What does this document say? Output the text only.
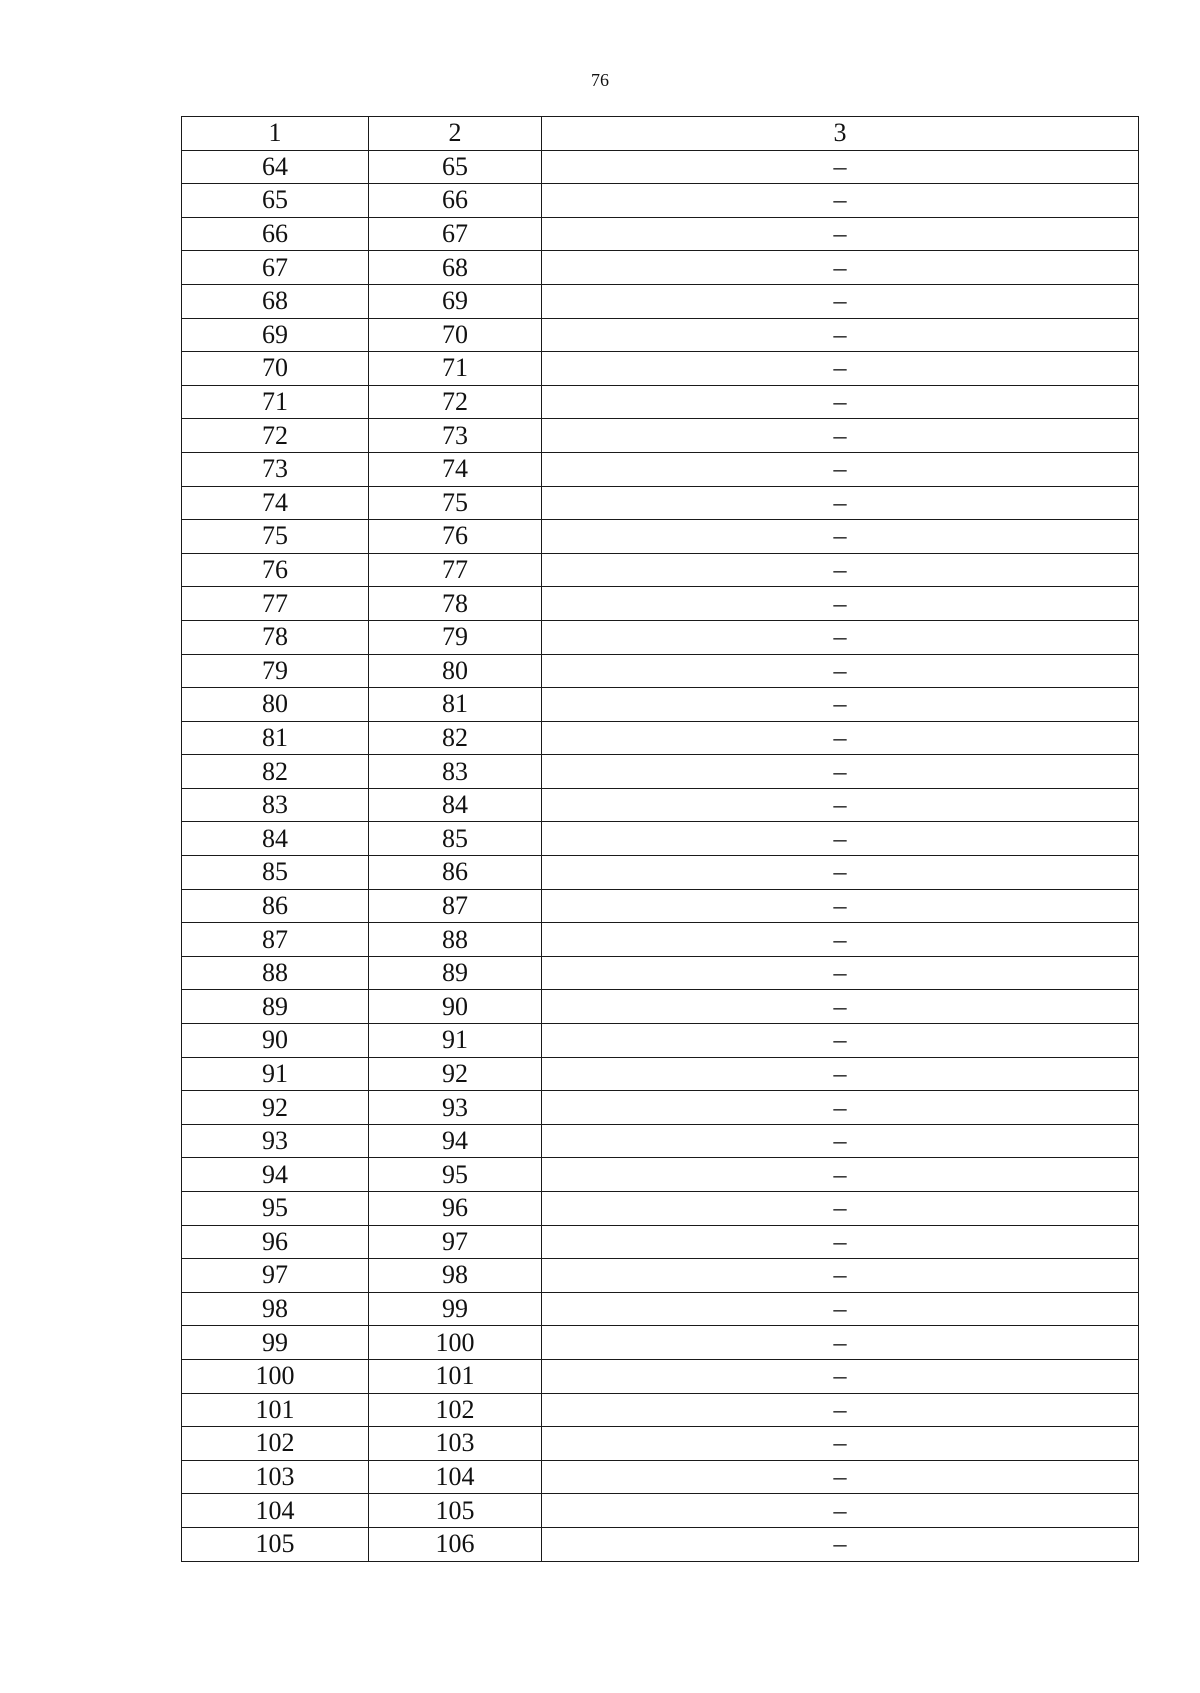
76
1	2	3
64	65	–
65	66	–
66	67	–
67	68	–
68	69	–
69	70	–
70	71	–
71	72	–
72	73	–
73	74	–
74	75	–
75	76	–
76	77	–
77	78	–
78	79	–
79	80	–
80	81	–
81	82	–
82	83	–
83	84	–
84	85	–
85	86	–
86	87	–
87	88	–
88	89	–
89	90	–
90	91	–
91	92	–
92	93	–
93	94	–
94	95	–
95	96	–
96	97	–
97	98	–
98	99	–
99	100	–
100	101	–
101	102	–
102	103	–
103	104	–
104	105	–
105	106	–
